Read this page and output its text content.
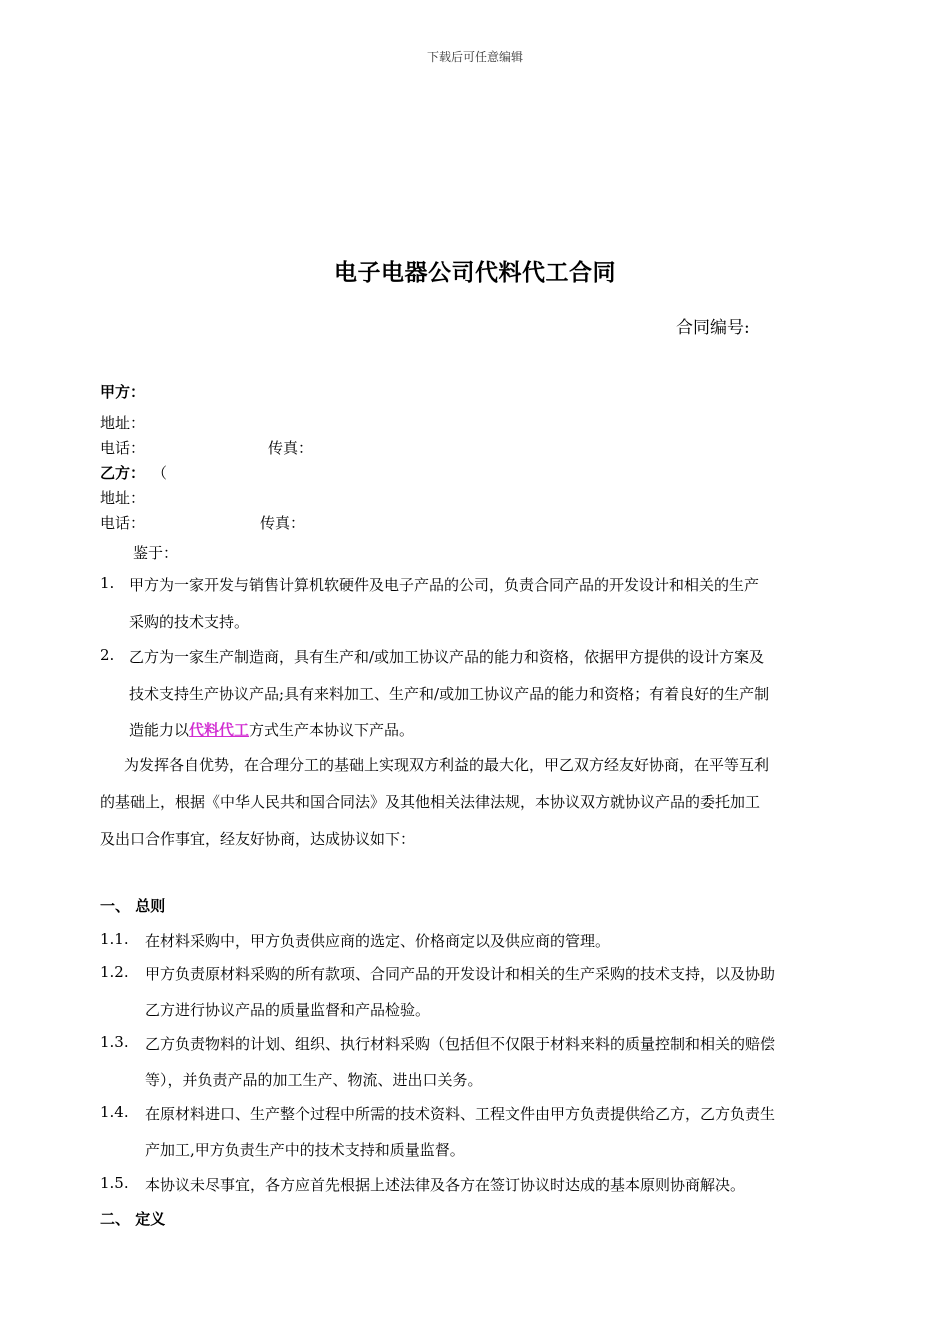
下载后可任意编辑
电子电器公司代料代工合同
合同编号:
甲方：
地址：
电话：	传真：
乙方： （
地址：
电话：	传真：
鉴于：
1. 甲方为一家开发与销售计算机软硬件及电子产品的公司，负责合同产品的开发设计和相关的生产
采购的技术支持。
2. 乙方为一家生产制造商，具有生产和/或加工协议产品的能力和资格，依据甲方提供的设计方案及
技术支持生产协议产品;具有来料加工、生产和/或加工协议产品的能力和资格；有着良好的生产制
造能力以代料代工方式生产本协议下产品。
为发挥各自优势，在合理分工的基础上实现双方利益的最大化，甲乙双方经友好协商，在平等互利
的基础上，根据《中华人民共和国合同法》及其他相关法律法规，本协议双方就协议产品的委托加工
及出口合作事宜，经友好协商，达成协议如下：
一、 总则
1.1. 在材料采购中，甲方负责供应商的选定、价格商定以及供应商的管理。
1.2. 甲方负责原材料采购的所有款项、合同产品的开发设计和相关的生产采购的技术支持，以及协助
乙方进行协议产品的质量监督和产品检验。
1.3. 乙方负责物料的计划、组织、执行材料采购（包括但不仅限于材料来料的质量控制和相关的赔偿
等），并负责产品的加工生产、物流、进出口关务。
1.4. 在原材料进口、生产整个过程中所需的技术资料、工程文件由甲方负责提供给乙方，乙方负责生
产加工,甲方负责生产中的技术支持和质量监督。
1.5. 本协议未尽事宜，各方应首先根据上述法律及各方在签订协议时达成的基本原则协商解决。
二、 定义
